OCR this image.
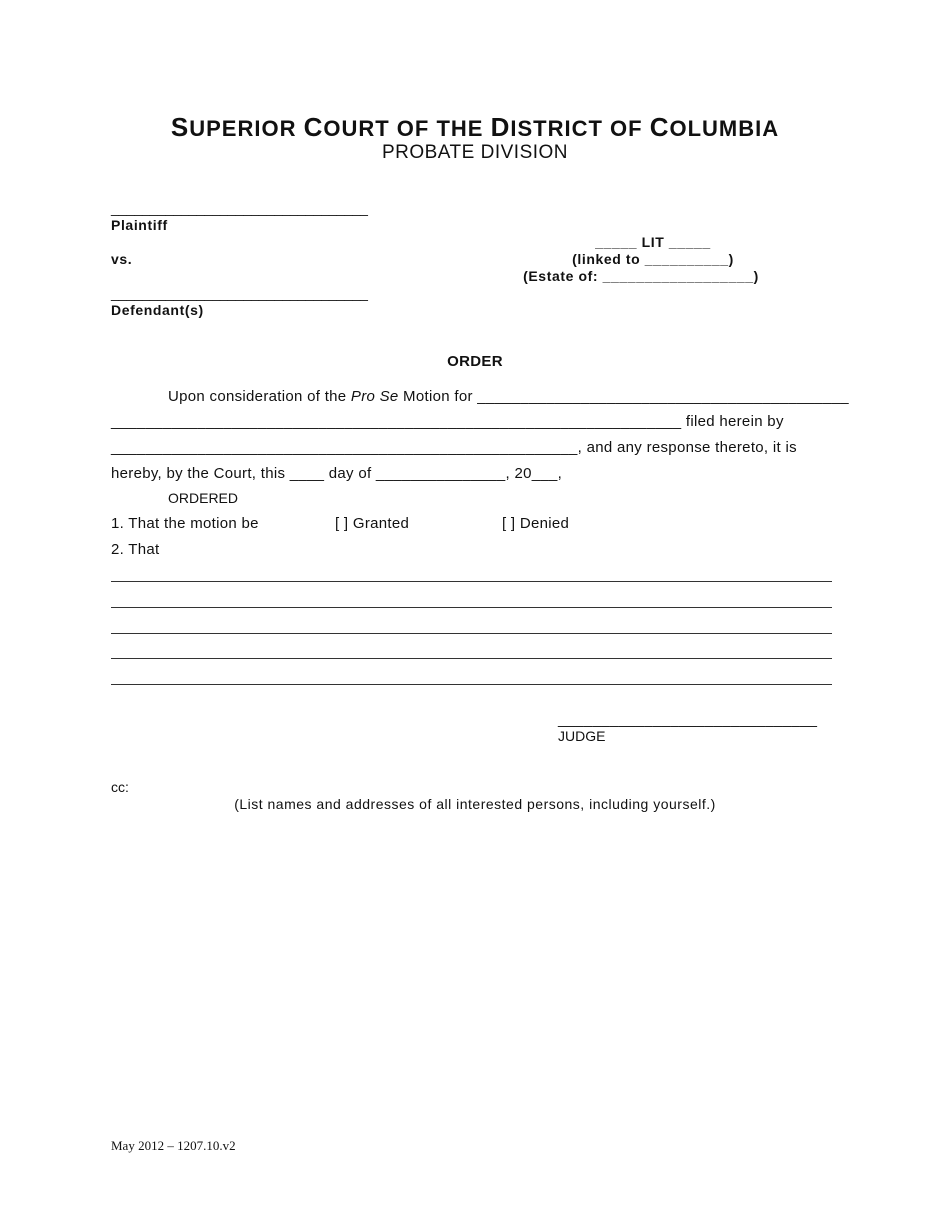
SUPERIOR COURT OF THE DISTRICT OF COLUMBIA
PROBATE DIVISION
_________________________________
Plaintiff
vs.
_________________________________
Defendant(s)
_____ LIT _____
(linked to __________)
(Estate of: __________________)
ORDER
Upon consideration of the Pro Se Motion for ___________________________________________
__________________________________________________________________ filed herein by
______________________________________________________, and any response thereto, it is
hereby, by the Court, this ____ day of _______________, 20___,
ORDERED
1. That the motion be	[ ] Granted	[ ] Denied
2. That
______________________________
JUDGE
cc:
(List names and addresses of all interested persons, including yourself.)
May 2012 – 1207.10.v2
